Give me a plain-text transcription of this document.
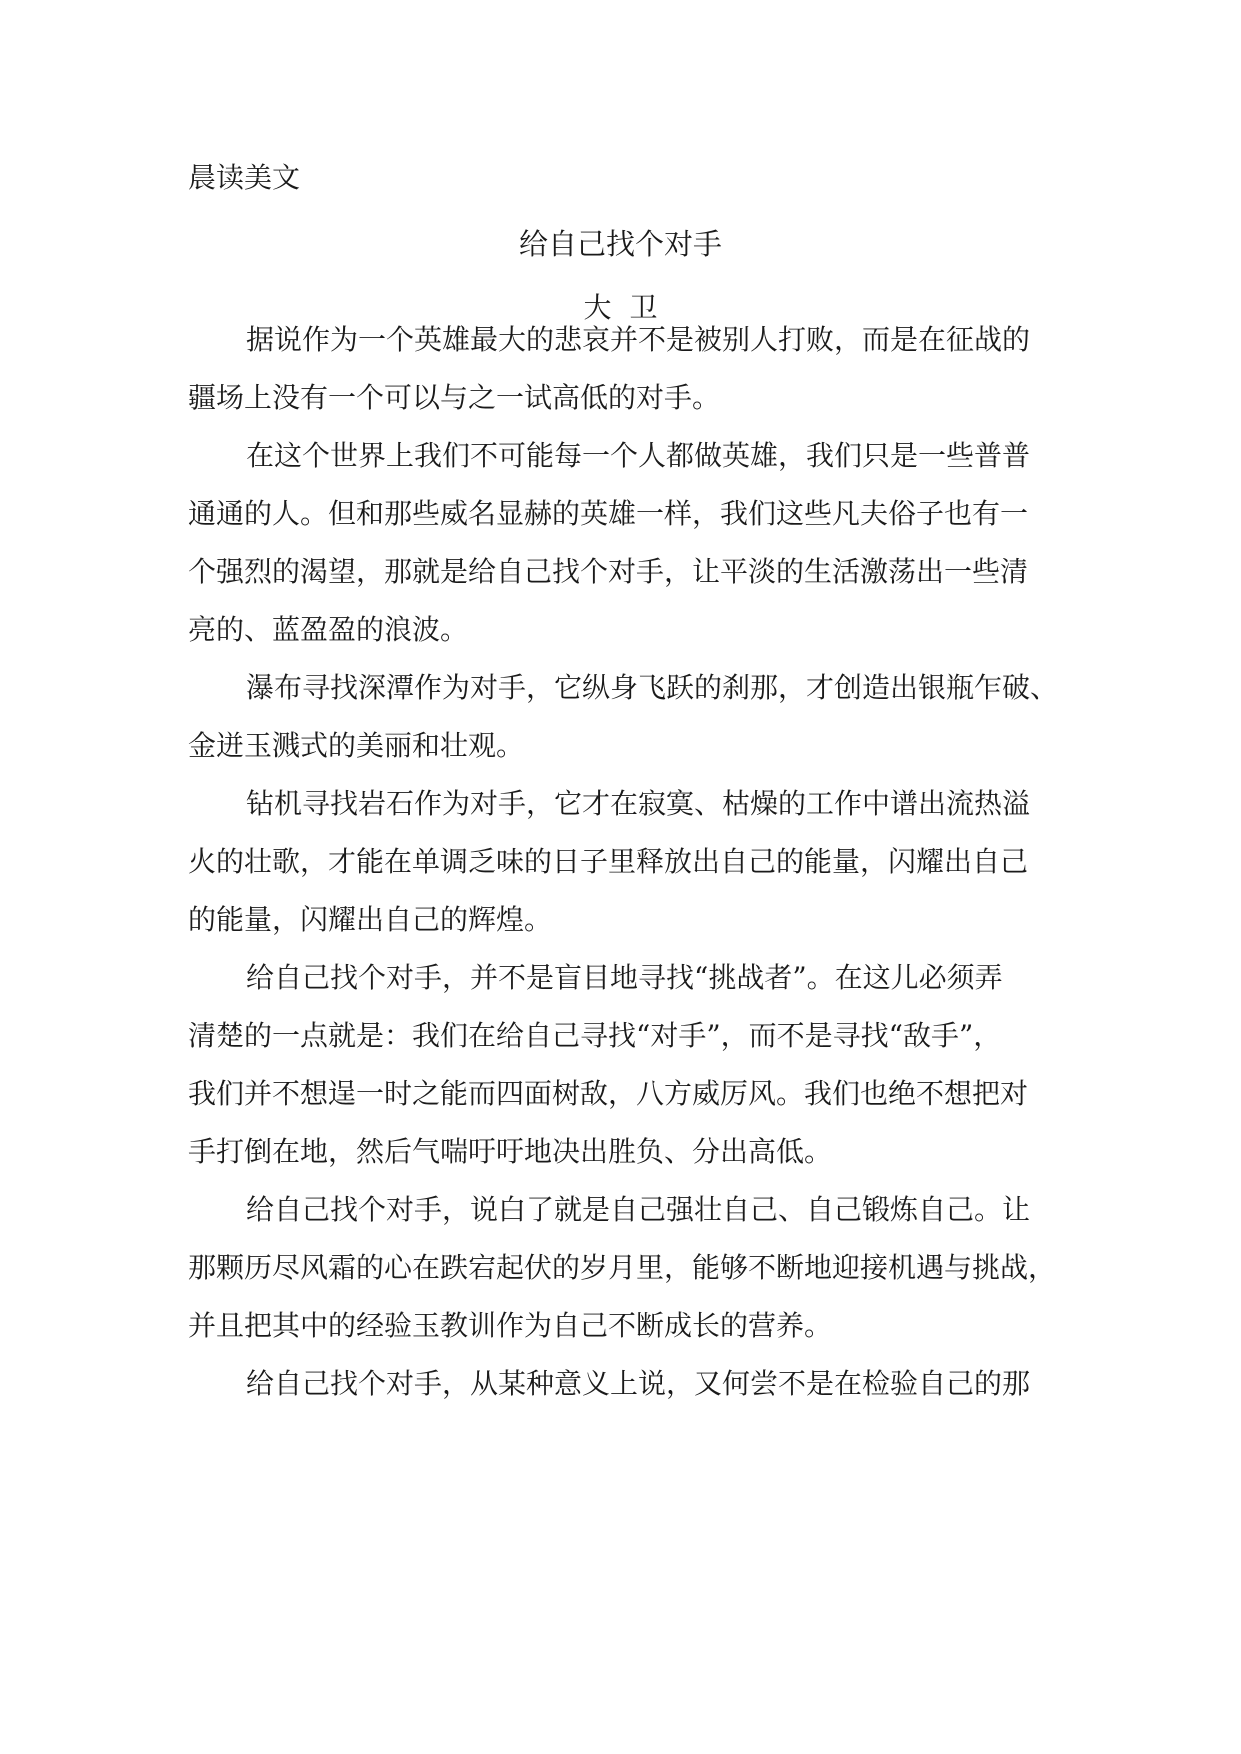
晨读美文
给自己找个对手
大卫
据说作为一个英雄最大的悲哀并不是被别人打败，而是在征战的
疆场上没有一个可以与之一试高低的对手。
在这个世界上我们不可能每一个人都做英雄，我们只是一些普普
通通的人。但和那些威名显赫的英雄一样，我们这些凡夫俗子也有一
个强烈的渴望，那就是给自己找个对手，让平淡的生活激荡出一些清
亮的、蓝盈盈的浪波。
瀑布寻找深潭作为对手，它纵身飞跃的刹那，才创造出银瓶乍破、
金迸玉溅式的美丽和壮观。
钻机寻找岩石作为对手，它才在寂寞、枯燥的工作中谱出流热溢
火的壮歌，才能在单调乏味的日子里释放出自己的能量，闪耀出自己
的能量，闪耀出自己的辉煌。
给自己找个对手，并不是盲目地寻找“挑战者”。在这儿必须弄
清楚的一点就是：我们在给自己寻找“对手”，而不是寻找“敌手”，
我们并不想逞一时之能而四面树敌，八方威厉风。我们也绝不想把对
手打倒在地，然后气喘吁吁地决出胜负、分出高低。
给自己找个对手，说白了就是自己强壮自己、自己锻炼自己。让
那颗历尽风霜的心在跌宕起伏的岁月里，能够不断地迎接机遇与挑战，
并且把其中的经验玉教训作为自己不断成长的营养。
给自己找个对手，从某种意义上说，又何尝不是在检验自己的那
